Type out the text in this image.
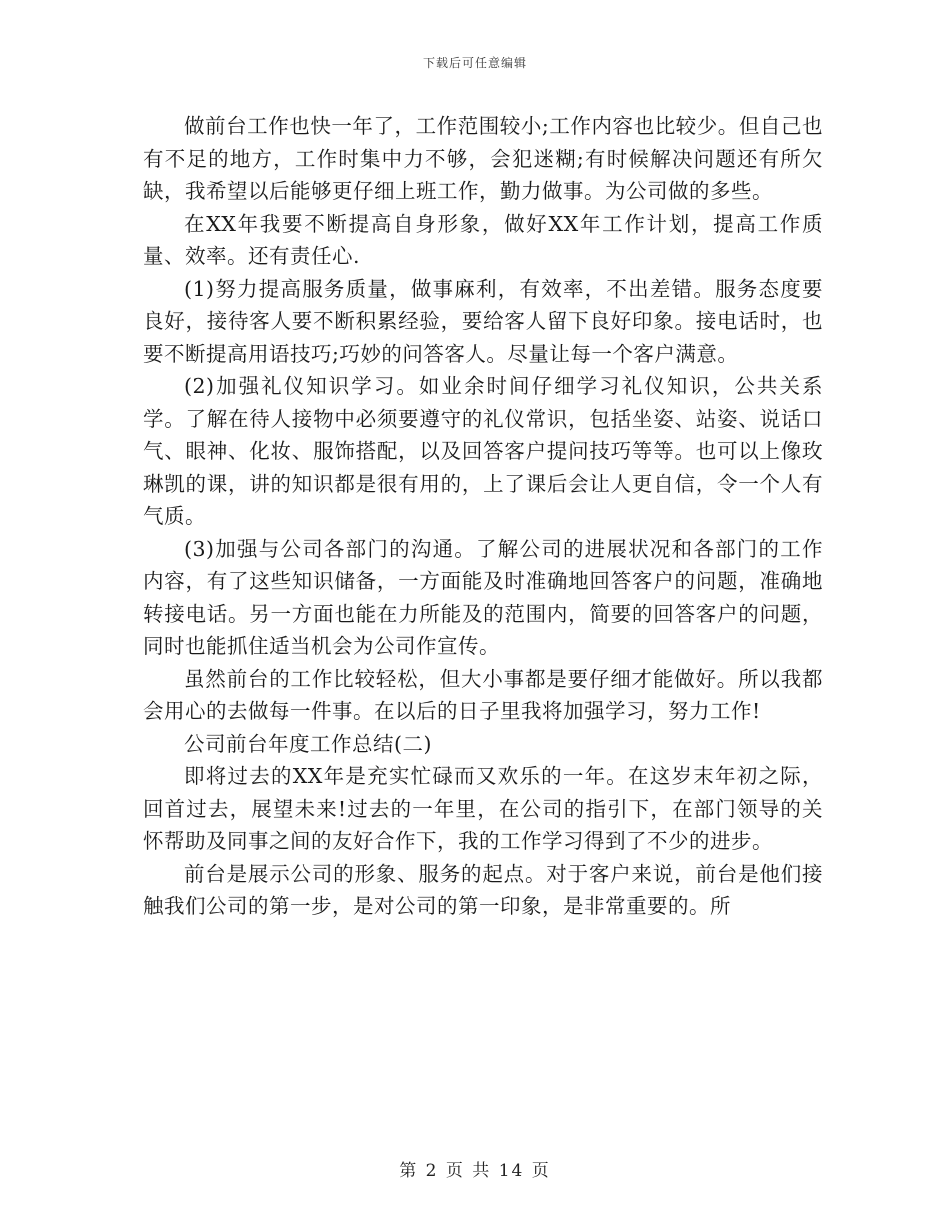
下载后可任意编辑

做前台工作也快一年了，工作范围较小;工作内容也比较少。但自己也有不足的地方，工作时集中力不够，会犯迷糊;有时候解决问题还有所欠缺，我希望以后能够更仔细上班工作，勤力做事。为公司做的多些。

在XX年我要不断提高自身形象，做好XX年工作计划，提高工作质量、效率。还有责任心.

(1)努力提高服务质量，做事麻利，有效率，不出差错。服务态度要良好，接待客人要不断积累经验，要给客人留下良好印象。接电话时，也要不断提高用语技巧;巧妙的问答客人。尽量让每一个客户满意。

(2)加强礼仪知识学习。如业余时间仔细学习礼仪知识，公共关系学。了解在待人接物中必须要遵守的礼仪常识，包括坐姿、站姿、说话口气、眼神、化妆、服饰搭配，以及回答客户提问技巧等等。也可以上像玫琳凯的课，讲的知识都是很有用的，上了课后会让人更自信，令一个人有气质。

(3)加强与公司各部门的沟通。了解公司的进展状况和各部门的工作内容，有了这些知识储备，一方面能及时准确地回答客户的问题，准确地转接电话。另一方面也能在力所能及的范围内，简要的回答客户的问题，同时也能抓住适当机会为公司作宣传。

虽然前台的工作比较轻松，但大小事都是要仔细才能做好。所以我都会用心的去做每一件事。在以后的日子里我将加强学习，努力工作!

公司前台年度工作总结(二)

即将过去的XX年是充实忙碌而又欢乐的一年。在这岁末年初之际，回首过去，展望未来!过去的一年里，在公司的指引下，在部门领导的关怀帮助及同事之间的友好合作下，我的工作学习得到了不少的进步。

前台是展示公司的形象、服务的起点。对于客户来说，前台是他们接触我们公司的第一步，是对公司的第一印象，是非常重要的。所

第 2 页 共 14 页
